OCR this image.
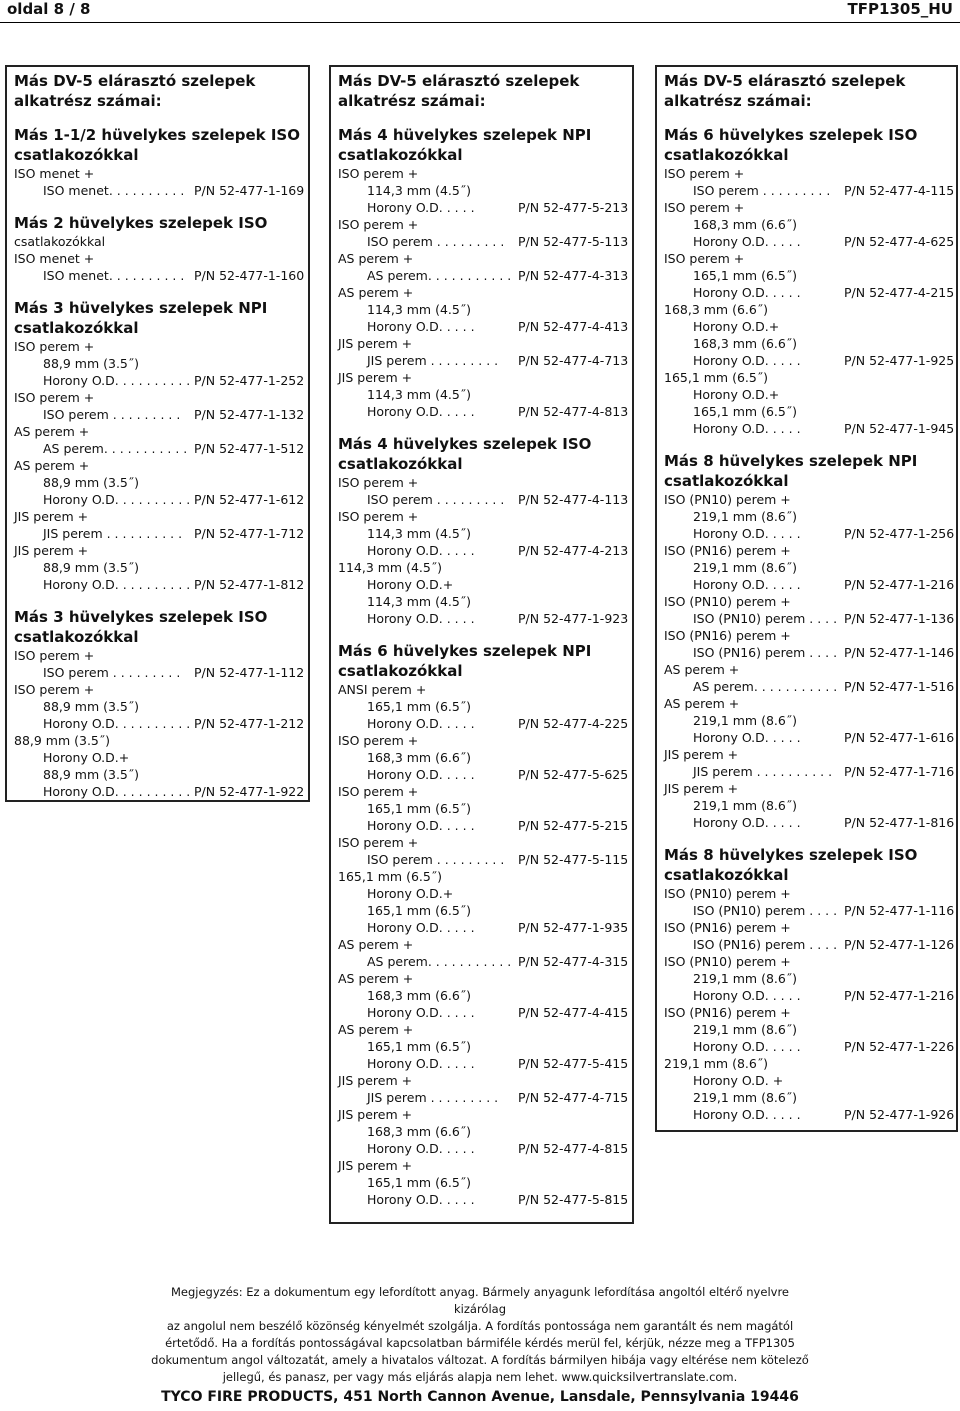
oldal 8 / 8	TFP1305_HU
Más DV-5 elárasztó szelepek
alkatrész számai:
Más 1-1/2 hüvelykes szelepek ISO
csatlakozókkal
ISO menet +
ISO menet. . . . . . . . . . P/N 52-477-1-169
Más 2 hüvelykes szelepek ISO
csatlakozókkal
ISO menet +
ISO menet. . . . . . . . . . P/N 52-477-1-160
Más 3 hüvelykes szelepek NPI
csatlakozókkal
ISO perem +
88,9 mm (3.5˝)
Horony O.D. . . . . . . . . . P/N 52-477-1-252
ISO perem +
ISO perem . . . . . . . . . P/N 52-477-1-132
AS perem +
AS perem. . . . . . . . . . . P/N 52-477-1-512
AS perem +
88,9 mm (3.5˝)
Horony O.D. . . . . . . . . . P/N 52-477-1-612
JIS perem +
JIS perem . . . . . . . . . . P/N 52-477-1-712
JIS perem +
88,9 mm (3.5˝)
Horony O.D. . . . . . . . . . P/N 52-477-1-812
Más 3 hüvelykes szelepek ISO
csatlakozókkal
ISO perem +
ISO perem . . . . . . . . . P/N 52-477-1-112
ISO perem +
88,9 mm (3.5˝)
Horony O.D. . . . . . . . . . P/N 52-477-1-212
88,9 mm (3.5˝)
Horony O.D.+
88,9 mm (3.5˝)
Horony O.D. . . . . . . . . . P/N 52-477-1-922
Más DV-5 elárasztó szelepek
alkatrész számai:
Más 4 hüvelykes szelepek NPI
csatlakozókkal
ISO perem +
114,3 mm (4.5˝)
Horony O.D. . . . .	P/N 52-477-5-213
ISO perem +
ISO perem . . . . . . . . . P/N 52-477-5-113
AS perem +
AS perem. . . . . . . . . . . P/N 52-477-4-313
AS perem +
114,3 mm (4.5˝)
Horony O.D. . . . .	P/N 52-477-4-413
JIS perem +
JIS perem . . . . . . . . . P/N 52-477-4-713
JIS perem +
114,3 mm (4.5˝)
Horony O.D. . . . .	P/N 52-477-4-813
Más 4 hüvelykes szelepek ISO
csatlakozókkal
ISO perem +
ISO perem . . . . . . . . . P/N 52-477-4-113
ISO perem +
114,3 mm (4.5˝)
Horony O.D. . . . .	P/N 52-477-4-213
114,3 mm (4.5˝)
Horony O.D.+
114,3 mm (4.5˝)
Horony O.D. . . . .	P/N 52-477-1-923
Más 6 hüvelykes szelepek NPI
csatlakozókkal
ANSI perem +
165,1 mm (6.5˝)
Horony O.D. . . . .	P/N 52-477-4-225
ISO perem +
168,3 mm (6.6˝)
Horony O.D. . . . .	P/N 52-477-5-625
ISO perem +
165,1 mm (6.5˝)
Horony O.D. . . . .	P/N 52-477-5-215
ISO perem +
ISO perem . . . . . . . . . P/N 52-477-5-115
165,1 mm (6.5˝)
Horony O.D.+
165,1 mm (6.5˝)
Horony O.D. . . . .	P/N 52-477-1-935
AS perem +
AS perem. . . . . . . . . . . P/N 52-477-4-315
AS perem +
168,3 mm (6.6˝)
Horony O.D. . . . .	P/N 52-477-4-415
AS perem +
165,1 mm (6.5˝)
Horony O.D. . . . .	P/N 52-477-5-415
JIS perem +
JIS perem . . . . . . . . . P/N 52-477-4-715
JIS perem +
168,3 mm (6.6˝)
Horony O.D. . . . .	P/N 52-477-4-815
JIS perem +
165,1 mm (6.5˝)
Horony O.D. . . . .	P/N 52-477-5-815
Más DV-5 elárasztó szelepek
alkatrész számai:
Más 6 hüvelykes szelepek ISO
csatlakozókkal
ISO perem +
ISO perem . . . . . . . . . P/N 52-477-4-115
ISO perem +
168,3 mm (6.6˝)
Horony O.D. . . . .	P/N 52-477-4-625
ISO perem +
165,1 mm (6.5˝)
Horony O.D. . . . .	P/N 52-477-4-215
168,3 mm (6.6˝)
Horony O.D.+
168,3 mm (6.6˝)
Horony O.D. . . . .	P/N 52-477-1-925
165,1 mm (6.5˝)
Horony O.D.+
165,1 mm (6.5˝)
Horony O.D. . . . .	P/N 52-477-1-945
Más 8 hüvelykes szelepek NPI
csatlakozókkal
ISO (PN10) perem +
219,1 mm (8.6˝)
Horony O.D. . . . .	P/N 52-477-1-256
ISO (PN16) perem +
219,1 mm (8.6˝)
Horony O.D. . . . .	P/N 52-477-1-216
ISO (PN10) perem +
ISO (PN10) perem . . . . P/N 52-477-1-136
ISO (PN16) perem +
ISO (PN16) perem . . . . P/N 52-477-1-146
AS perem +
AS perem. . . . . . . . . . . P/N 52-477-1-516
AS perem +
219,1 mm (8.6˝)
Horony O.D. . . . .	P/N 52-477-1-616
JIS perem +
JIS perem . . . . . . . . . . P/N 52-477-1-716
JIS perem +
219,1 mm (8.6˝)
Horony O.D. . . . .	P/N 52-477-1-816
Más 8 hüvelykes szelepek ISO
csatlakozókkal
ISO (PN10) perem +
ISO (PN10) perem . . . . P/N 52-477-1-116
ISO (PN16) perem +
ISO (PN16) perem . . . . P/N 52-477-1-126
ISO (PN10) perem +
219,1 mm (8.6˝)
Horony O.D. . . . .	P/N 52-477-1-216
ISO (PN16) perem +
219,1 mm (8.6˝)
Horony O.D. . . . .	P/N 52-477-1-226
219,1 mm (8.6˝)
Horony O.D. +
219,1 mm (8.6˝)
Horony O.D. . . . .	P/N 52-477-1-926
Megjegyzés: Ez a dokumentum egy lefordított anyag. Bármely anyagunk lefordítása angoltól eltérő nyelvre kizárólag
az angolul nem beszélő közönség kényelmét szolgálja. A fordítás pontossága nem garantált és nem magától
értetődő. Ha a fordítás pontosságával kapcsolatban bármiféle kérdés merül fel, kérjük, nézze meg a TFP1305
dokumentum angol változatát, amely a hivatalos változat. A fordítás bármilyen hibája vagy eltérése nem kötelező
jellegű, és panasz, per vagy más eljárás alapja nem lehet. www.quicksilvertranslate.com.
TYCO FIRE PRODUCTS, 451 North Cannon Avenue, Lansdale, Pennsylvania 19446
